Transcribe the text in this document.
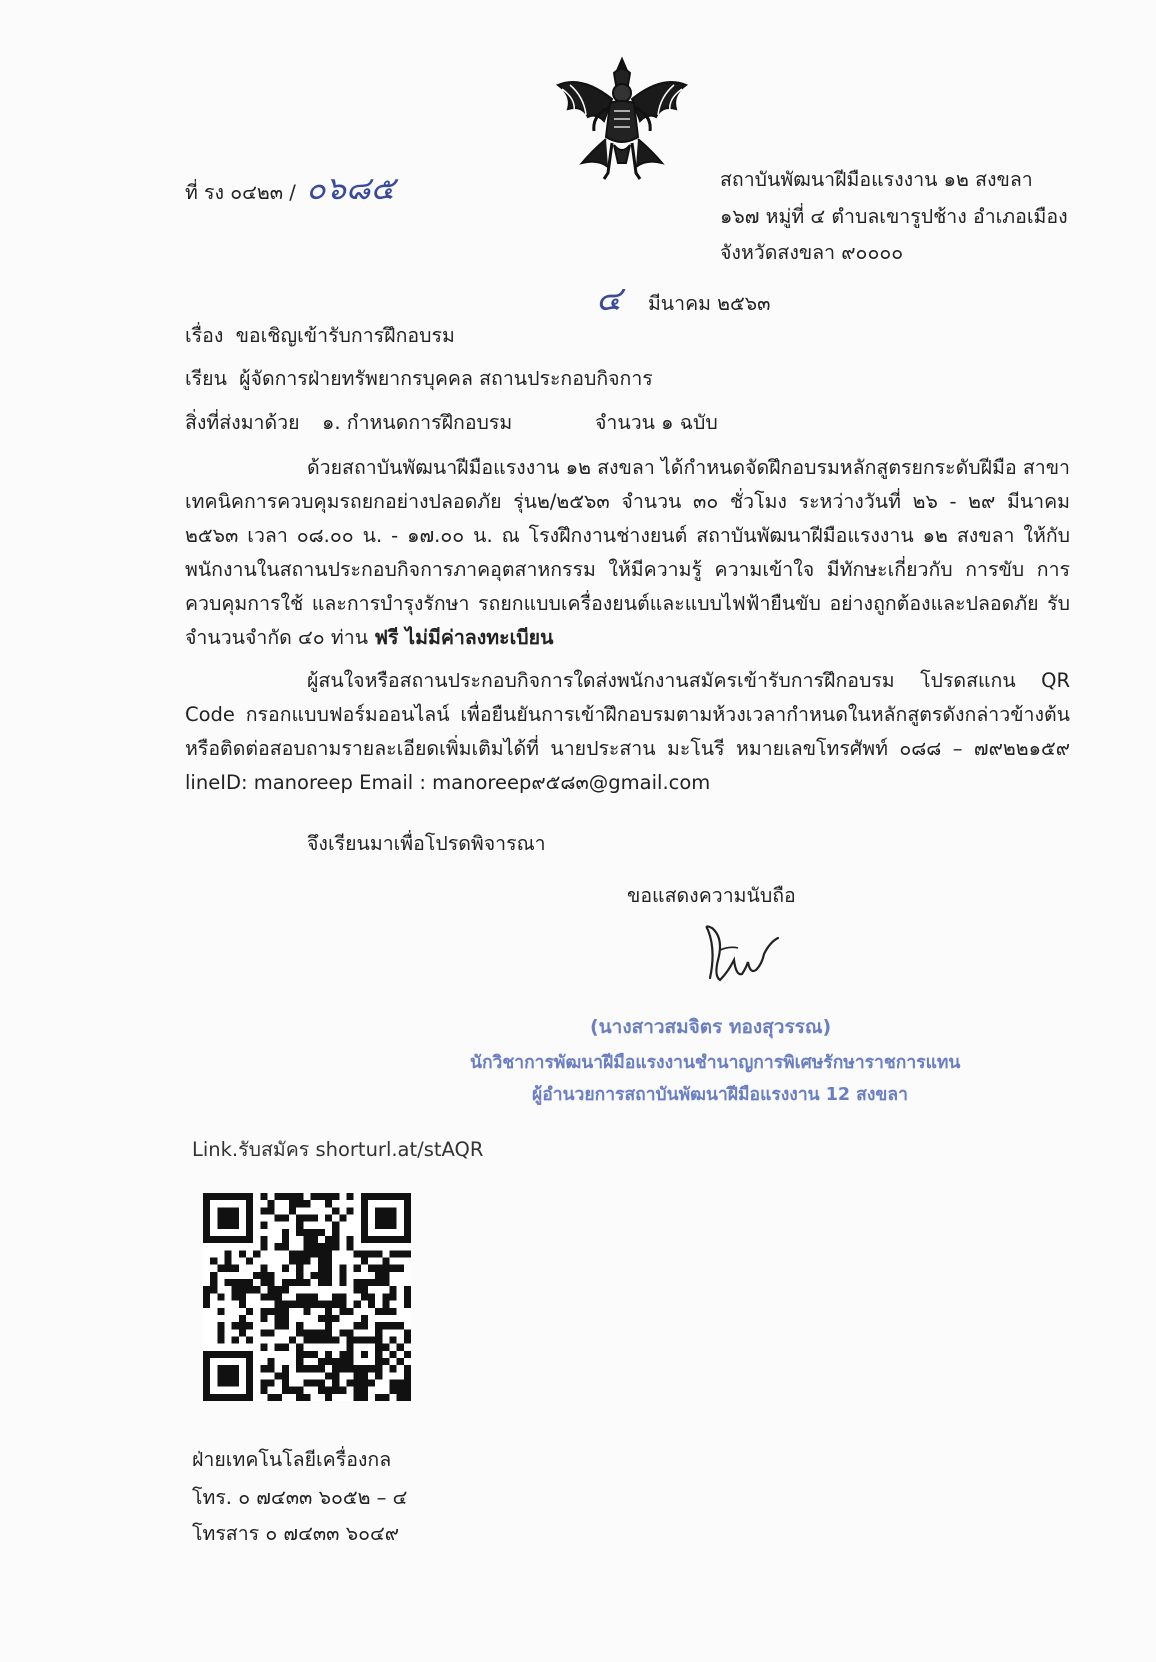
ที่ รง ๐๔๒๓ / ๐๖๘๕	สถาบันพัฒนาฝีมือแรงงาน ๑๒ สงขลา
๑๖๗ หมู่ที่ ๔ ตำบลเขารูปช้าง อำเภอเมือง
จังหวัดสงขลา ๙๐๐๐๐
๔ มีนาคม ๒๕๖๓
เรื่อง ขอเชิญเข้ารับการฝึกอบรม
เรียน ผู้จัดการฝ่ายทรัพยากรบุคคล สถานประกอบกิจการ
สิ่งที่ส่งมาด้วย ๑. กำหนดการฝึกอบรม	จำนวน ๑ ฉบับ
ด้วยสถาบันพัฒนาฝีมือแรงงาน ๑๒ สงขลา ได้กำหนดจัดฝึกอบรมหลักสูตรยกระดับฝีมือ สาขาเทคนิคการควบคุมรถยกอย่างปลอดภัย รุ่น๒/๒๕๖๓ จำนวน ๓๐ ชั่วโมง ระหว่างวันที่ ๒๖ - ๒๙ มีนาคม ๒๕๖๓ เวลา ๐๘.๐๐ น. - ๑๗.๐๐ น. ณ โรงฝึกงานช่างยนต์ สถาบันพัฒนาฝีมือแรงงาน ๑๒ สงขลา ให้กับพนักงานในสถานประกอบกิจการภาคอุตสาหกรรม ให้มีความรู้ ความเข้าใจ มีทักษะเกี่ยวกับ การขับ การควบคุมการใช้ และการบำรุงรักษา รถยกแบบเครื่องยนต์และแบบไฟฟ้ายืนขับ อย่างถูกต้องและปลอดภัย รับจำนวนจำกัด ๔๐ ท่าน ฟรี ไม่มีค่าลงทะเบียน
ผู้สนใจหรือสถานประกอบกิจการใดส่งพนักงานสมัครเข้ารับการฝึกอบรม โปรดสแกน QR Code กรอกแบบฟอร์มออนไลน์ เพื่อยืนยันการเข้าฝึกอบรมตามห้วงเวลากำหนดในหลักสูตรดังกล่าวข้างต้น หรือติดต่อสอบถามรายละเอียดเพิ่มเติมได้ที่ นายประสาน มะโนรี หมายเลขโทรศัพท์ ๐๘๘ – ๗๙๒๒๑๕๙ lineID: manoreep Email : manoreep๙๕๘๓@gmail.com
จึงเรียนมาเพื่อโปรดพิจารณา
ขอแสดงความนับถือ
(นางสาวสมจิตร ทองสุวรรณ)
นักวิชาการพัฒนาฝีมือแรงงานชำนาญการพิเศษรักษาราชการแทน
ผู้อำนวยการสถาบันพัฒนาฝีมือแรงงาน 12 สงขลา
Link.รับสมัคร shorturl.at/stAQR
ฝ่ายเทคโนโลยีเครื่องกล
โทร. ๐ ๗๔๓๓ ๖๐๕๒ – ๔
โทรสาร ๐ ๗๔๓๓ ๖๐๔๙
